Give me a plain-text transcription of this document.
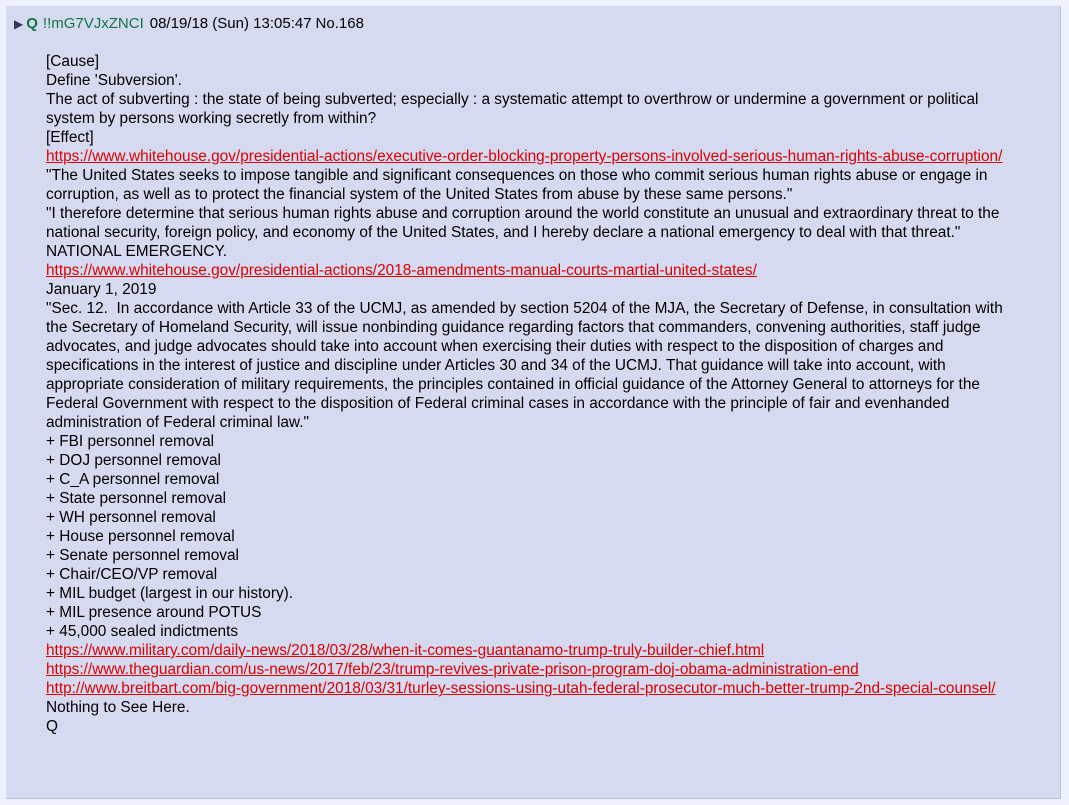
▶ Q !!mG7VJxZNCI 08/19/18 (Sun) 13:05:47 No.168
[Cause]
Define 'Subversion'.
The act of subverting : the state of being subverted; especially : a systematic attempt to overthrow or undermine a government or political system by persons working secretly from within?
[Effect]
https://www.whitehouse.gov/presidential-actions/executive-order-blocking-property-persons-involved-serious-human-rights-abuse-corruption/
"The United States seeks to impose tangible and significant consequences on those who commit serious human rights abuse or engage in corruption, as well as to protect the financial system of the United States from abuse by these same persons."
"I therefore determine that serious human rights abuse and corruption around the world constitute an unusual and extraordinary threat to the national security, foreign policy, and economy of the United States, and I hereby declare a national emergency to deal with that threat."
NATIONAL EMERGENCY.
https://www.whitehouse.gov/presidential-actions/2018-amendments-manual-courts-martial-united-states/
January 1, 2019
"Sec. 12.  In accordance with Article 33 of the UCMJ, as amended by section 5204 of the MJA, the Secretary of Defense, in consultation with the Secretary of Homeland Security, will issue nonbinding guidance regarding factors that commanders, convening authorities, staff judge advocates, and judge advocates should take into account when exercising their duties with respect to the disposition of charges and specifications in the interest of justice and discipline under Articles 30 and 34 of the UCMJ. That guidance will take into account, with appropriate consideration of military requirements, the principles contained in official guidance of the Attorney General to attorneys for the Federal Government with respect to the disposition of Federal criminal cases in accordance with the principle of fair and evenhanded administration of Federal criminal law."
+ FBI personnel removal
+ DOJ personnel removal
+ C_A personnel removal
+ State personnel removal
+ WH personnel removal
+ House personnel removal
+ Senate personnel removal
+ Chair/CEO/VP removal
+ MIL budget (largest in our history).
+ MIL presence around POTUS
+ 45,000 sealed indictments
https://www.military.com/daily-news/2018/03/28/when-it-comes-guantanamo-trump-truly-builder-chief.html
https://www.theguardian.com/us-news/2017/feb/23/trump-revives-private-prison-program-doj-obama-administration-end
http://www.breitbart.com/big-government/2018/03/31/turley-sessions-using-utah-federal-prosecutor-much-better-trump-2nd-special-counsel/
Nothing to See Here.
Q
